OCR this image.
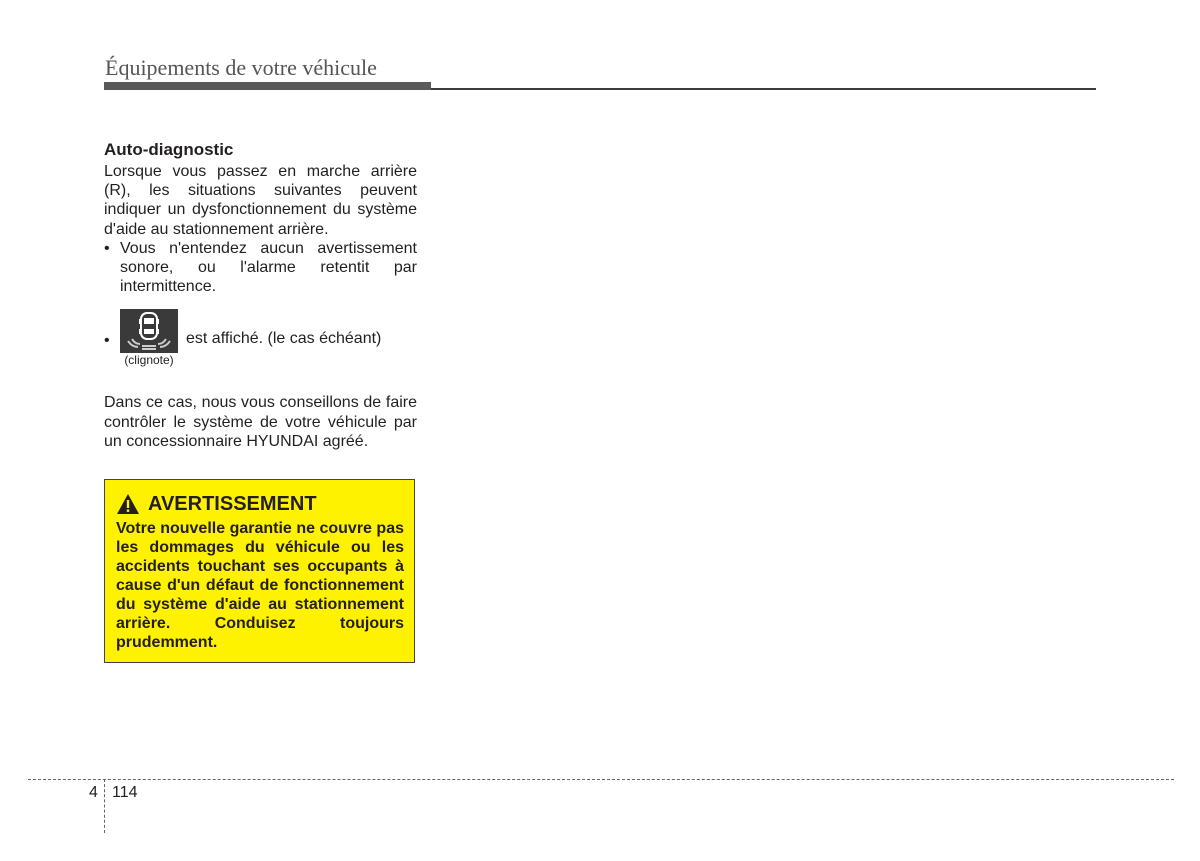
Équipements de votre véhicule
Auto-diagnostic

Lorsque vous passez en marche arrière (R), les situations suivantes peuvent indiquer un dysfonctionnement du système d'aide au stationnement arrière.

• Vous n'entendez aucun avertissement sonore, ou l'alarme retentit par intermittence.
•
(clignote)
est affiché. (le cas échéant)

Dans ce cas, nous vous conseillons de faire contrôler le système de votre véhicule par un concessionnaire HYUNDAI agréé.

AVERTISSEMENT

Votre nouvelle garantie ne couvre pas les dommages du véhicule ou les accidents touchant ses occupants à cause d'un défaut de fonctionnement du système d'aide au stationnement arrière. Conduisez toujours prudemment.

4 114
